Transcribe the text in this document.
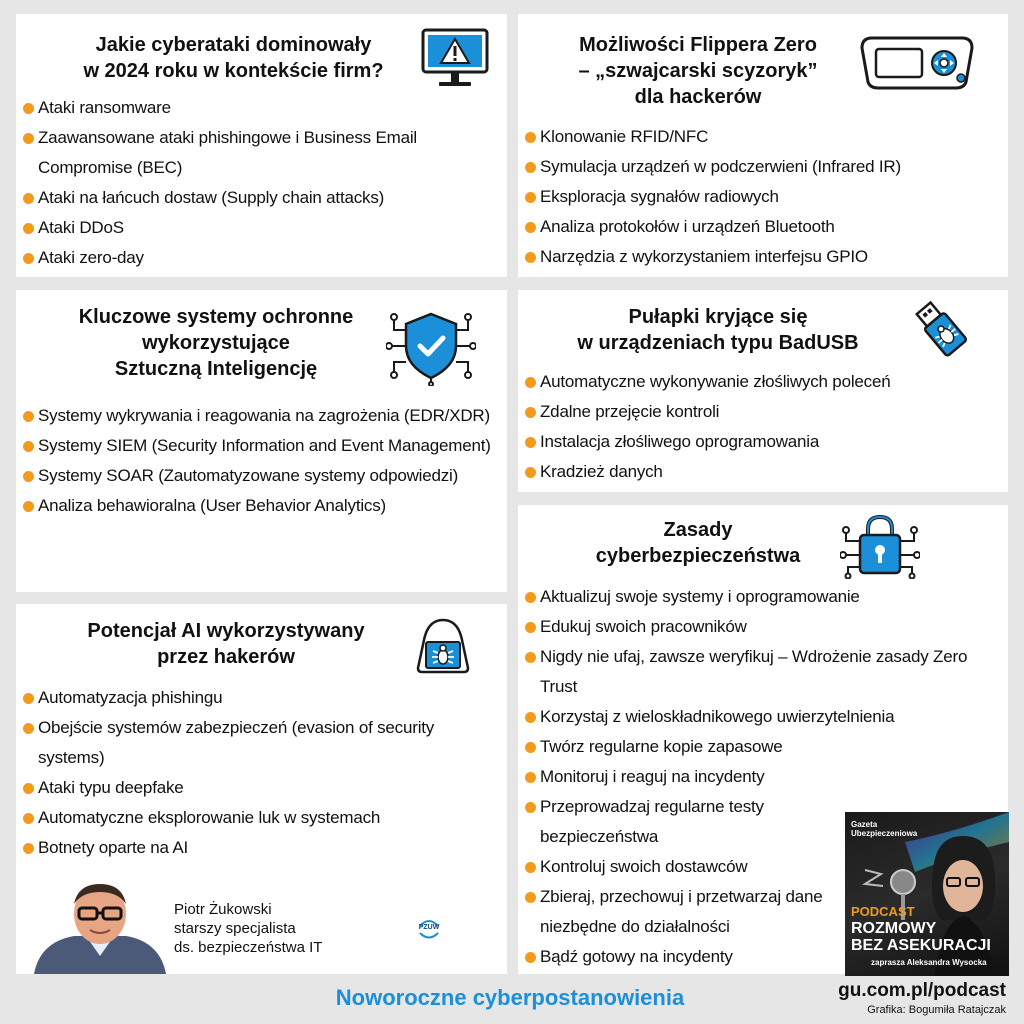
Jakie cyberataki dominowały
w 2024 roku w kontekście firm?
Ataki ransomware
Zaawansowane ataki phishingowe i Business Email Compromise (BEC)
Ataki na łańcuch dostaw (Supply chain attacks)
Ataki DDoS
Ataki zero-day
Możliwości Flippera Zero
– „szwajcarski scyzoryk”
dla hackerów
Klonowanie RFID/NFC
Symulacja urządzeń w podczerwieni (Infrared IR)
Eksploracja sygnałów radiowych
Analiza protokołów i urządzeń Bluetooth
Narzędzia z wykorzystaniem interfejsu GPIO
Kluczowe systemy ochronne
wykorzystujące
Sztuczną Inteligencję
Systemy wykrywania i reagowania na zagrożenia (EDR/XDR)
Systemy SIEM (Security Information and Event Management)
Systemy SOAR (Zautomatyzowane systemy odpowiedzi)
Analiza behawioralna (User Behavior Analytics)
Pułapki kryjące się
w urządzeniach typu BadUSB
Automatyczne wykonywanie złośliwych poleceń
Zdalne przejęcie kontroli
Instalacja złośliwego oprogramowania
Kradzież danych
Potencjał AI wykorzystywany
przez hakerów
Automatyzacja phishingu
Obejście systemów zabezpieczeń (evasion of security systems)
Ataki typu deepfake
Automatyczne eksplorowanie luk w systemach
Botnety oparte na AI
Piotr Żukowski
starszy specjalista
ds. bezpieczeństwa IT
PZUW
Zasady
cyberbezpieczeństwa
Aktualizuj swoje systemy i oprogramowanie
Edukuj swoich pracowników
Nigdy nie ufaj, zawsze weryfikuj – Wdrożenie zasady Zero Trust
Korzystaj z wieloskładnikowego uwierzytelnienia
Twórz regularne kopie zapasowe
Monitoruj i reaguj na incydenty
Przeprowadzaj regularne testy bezpieczeństwa
Kontroluj swoich dostawców
Zbieraj, przechowuj i przetwarzaj dane niezbędne do działalności
Bądź gotowy na incydenty
Gazeta
Ubezpieczeniowa
PODCAST
ROZMOWY
BEZ ASEKURACJI
zaprasza Aleksandra Wysocka
Noworoczne cyberpostanowienia	gu.com.pl/podcast
Grafika: Bogumiła Ratajczak
